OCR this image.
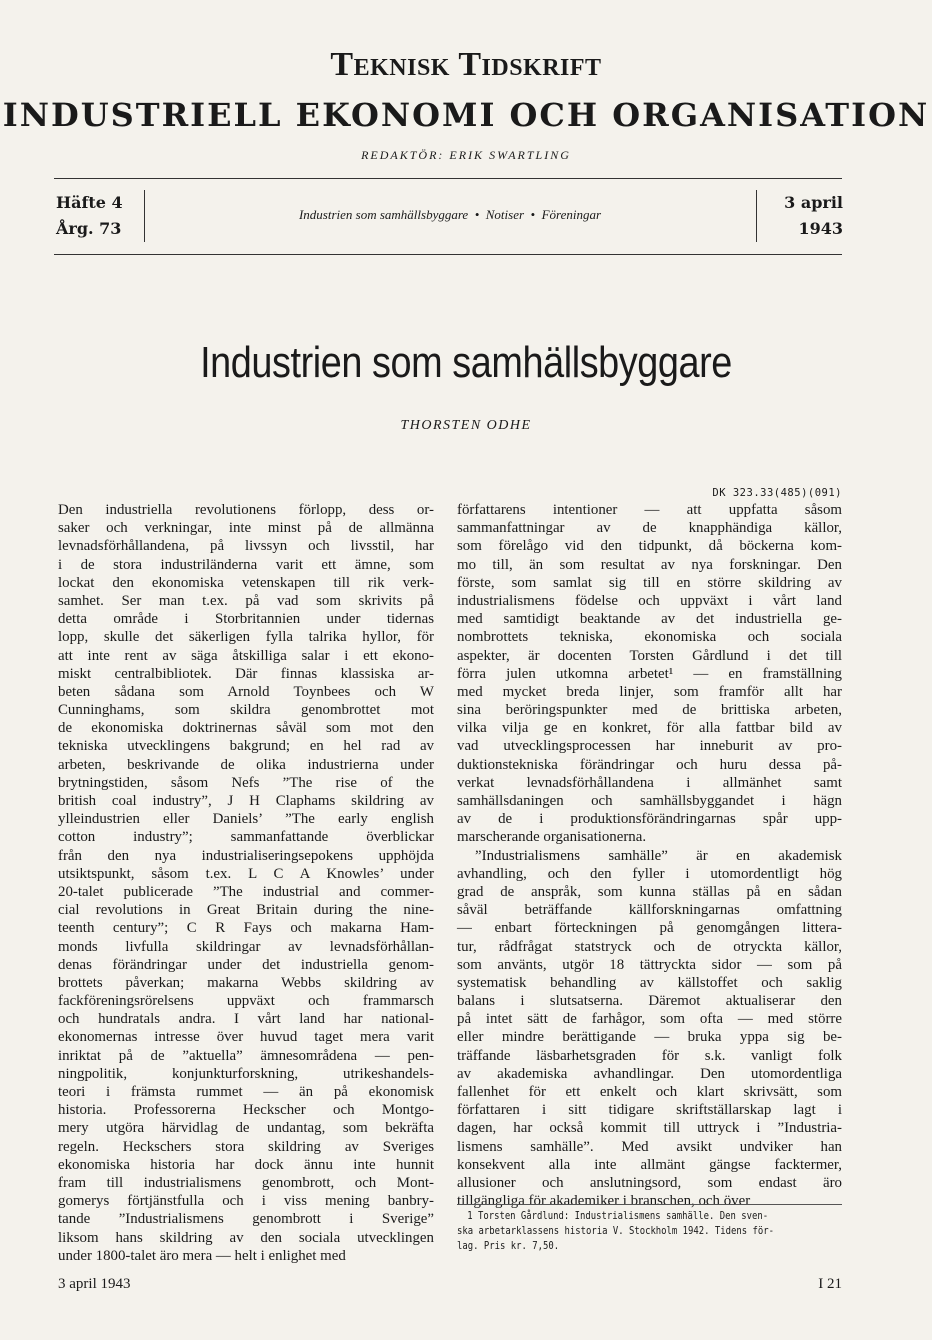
Teknisk Tidskrift
INDUSTRIELL EKONOMI OCH ORGANISATION
REDAKTÖR: ERIK SWARTLING
Häfte 4
Årg. 73
Industrien som samhällsbyggare  •  Notiser  •  Föreningar
3 april
1943
Industrien som samhällsbyggare
THORSTEN ODHE
DK 323.33(485)(091)
Den industriella revolutionens förlopp, dess or-
saker och verkningar, inte minst på de allmänna
levnadsförhållandena, på livssyn och livsstil, har
i de stora industriländerna varit ett ämne, som
lockat den ekonomiska vetenskapen till rik verk-
samhet. Ser man t.ex. på vad som skrivits på
detta område i Storbritannien under tidernas
lopp, skulle det säkerligen fylla talrika hyllor, för
att inte rent av säga åtskilliga salar i ett ekono-
miskt centralbibliotek. Där finnas klassiska ar-
beten sådana som Arnold Toynbees och W
Cunninghams, som skildra genombrottet mot
de ekonomiska doktrinernas såväl som mot den
tekniska utvecklingens bakgrund; en hel rad av
arbeten, beskrivande de olika industrierna under
brytningstiden, såsom Nefs ”The rise of the
british coal industry”, J H Claphams skildring av
ylleindustrien eller Daniels’ ”The early english
cotton industry”; sammanfattande överblickar
från den nya industrialiseringsepokens upphöjda
utsiktspunkt, såsom t.ex. L C A Knowles’ under
20-talet publicerade ”The industrial and commer-
cial revolutions in Great Britain during the nine-
teenth century”; C R Fays och makarna Ham-
monds livfulla skildringar av levnadsförhållan-
denas förändringar under det industriella genom-
brottets påverkan; makarna Webbs skildring av
fackföreningsrörelsens uppväxt och frammarsch
och hundratals andra. I vårt land har national-
ekonomernas intresse över huvud taget mera varit
inriktat på de ”aktuella” ämnesområdena — pen-
ningpolitik, konjunkturforskning, utrikeshandels-
teori i främsta rummet — än på ekonomisk
historia. Professorerna Heckscher och Montgo-
mery utgöra härvidlag de undantag, som bekräfta
regeln. Heckschers stora skildring av Sveriges
ekonomiska historia har dock ännu inte hunnit
fram till industrialismens genombrott, och Mont-
gomerys förtjänstfulla och i viss mening banbry-
tande ”Industrialismens genombrott i Sverige”
liksom hans skildring av den sociala utvecklingen
under 1800-talet äro mera — helt i enlighet med
författarens intentioner — att uppfatta såsom
sammanfattningar av de knapphändiga källor,
som förelågo vid den tidpunkt, då böckerna kom-
mo till, än som resultat av nya forskningar. Den
förste, som samlat sig till en större skildring av
industrialismens födelse och uppväxt i vårt land
med samtidigt beaktande av det industriella ge-
nombrottets tekniska, ekonomiska och sociala
aspekter, är docenten Torsten Gårdlund i det till
förra julen utkomna arbetet¹ — en framställning
med mycket breda linjer, som framför allt har
sina beröringspunkter med de brittiska arbeten,
vilka vilja ge en konkret, för alla fattbar bild av
vad utvecklingsprocessen har inneburit av pro-
duktionstekniska förändringar och huru dessa på-
verkat levnadsförhållandena i allmänhet samt
samhällsdaningen och samhällsbyggandet i hägn
av de i produktionsförändringarnas spår upp-
marscherande organisationerna.
”Industrialismens samhälle” är en akademisk
avhandling, och den fyller i utomordentligt hög
grad de anspråk, som kunna ställas på en sådan
såväl beträffande källforskningarnas omfattning
— enbart förteckningen på genomgången littera-
tur, rådfrågat statstryck och de otryckta källor,
som använts, utgör 18 tättryckta sidor — som på
systematisk behandling av källstoffet och saklig
balans i slutsatserna. Däremot aktualiserar den
på intet sätt de farhågor, som ofta — med större
eller mindre berättigande — bruka yppa sig be-
träffande läsbarhetsgraden för s.k. vanligt folk
av akademiska avhandlingar. Den utomordentliga
fallenhet för ett enkelt och klart skrivsätt, som
författaren i sitt tidigare skriftställarskap lagt i
dagen, har också kommit till uttryck i ”Industria-
lismens samhälle”. Med avsikt undviker han
konsekvent alla inte allmänt gängse facktermer,
allusioner och anslutningsord, som endast äro
tillgängliga för akademiker i branschen, och över
1 Torsten Gårdlund: Industrialismens samhälle. Den sven-
ska arbetarklassens historia V. Stockholm 1942. Tidens för-
lag. Pris kr. 7,50.
3 april 1943	I 21
